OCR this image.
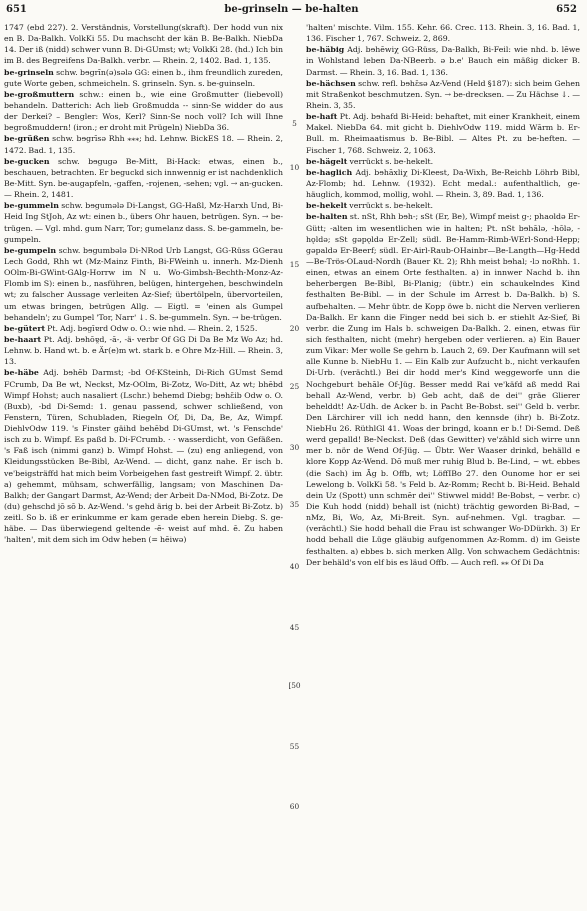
651	be-grinseln — be-halten	652

1747 (ebd 227). 2. Verständnis, Vorstellung(skraft). Der hodd vun nix en B. Da-Balkh. VolkKi 55. Du machscht der kän B. Be-Balkh. NiebDa 14. Der iß (nidd) schwer vunn B. Di-GUmst; wt; VolkKi 28. (hd.) Ich bin im B. des Begreifens Da-Balkh. verbr. — Rhein. 2, 1402. Bad. 1, 135.

be-grinseln schw. bɘgrīn(ǝ)sǝlǝ GG: einen b., ihm freundlich zureden, gute Worte geben, schmeicheln. S. grinseln. Syn. s. be-guinseln.

be-großmuttern schw.: einen b., wie eine Großmutter (liebevoll) behandeln. Datterich: Ach lieb Großmudda -- sinn-Se widder do aus der Derkei? – Bengler: Wos, Kerl? Sinn-Se noch voll? Ich will Ihne begroßmuddern! (iron.; er droht mit Prügeln) NiebDa 36.

be-grüßen schw. bɘgrīsǝ Rhh ⁎⁎⁎; hd. Lehnw. BickES 18. — Rhein. 2, 1472. Bad. 1, 135.

be-gucken schw. bɘgugǝ Be-Mitt, Bi-Hack: etwas, einen b., beschauen, betrachten. Er beguckd sich innwennig er ist nachdenklich Be-Mitt. Syn. be-augapfeln, -gaffen, -rojenen, -sehen; vgl. → an-gucken. — Rhein. 2, 1481.

be-gummeln schw. bɘgumǝlǝ Di-Langst, GG-Haßl, Mz-Harxh Und, Bi-Heid Ing StJoh, Az wt: einen b., übers Ohr hauen, betrügen. Syn. → be-trügen. — Vgl. mhd. gum Narr, Tor; gumelanz dass. S. be-gammeln, be-gumpeln.

be-gumpeln schw. bɘgumbǝlǝ Di-NRod Urb Langst, GG-Rüss GGerau Lech Godd, Rhh wt (Mz-Mainz Finth, Bi-FWeinh u. innerh. Mz-Dienh OOlm-Bi-GWint-GAlg-Horrw im N u. Wo-Gimbsh-Bechth-Monz-Az-Flomb im S): einen b., nasführen, belügen, hintergehen, beschwindeln wt; zu falscher Aussage verleiten Az-Sief; übertölpeln, übervorteilen, um etwas bringen, betrügen Allg. — Eigtl. = 'einen als Gumpel behandeln'; zu Gumpel 'Tor, Narr' ↓. S. be-gummeln. Syn. → be-trügen.

be-gütert Pt. Adj. bɘgīɐrd Odw o. O.: wie nhd. — Rhein. 2, 1525.

be-haart Pt. Adj. bɘhōɐ̯d, -ā-, -ä- verbr Of GG Di Da Be Mz Wo Az; hd. Lehnw. b. Hand wt. b. e Är(e)m wt. stark b. e Ohre Mz-Hill. — Rhein. 3, 13.

be-häbe Adj. bɘhēb Darmst; -bd Of-KSteinh, Di-Rich GUmst Semd FCrumb, Da Be wt, Neckst, Mz-OOlm, Bi-Zotz, Wo-Ditt, Az wt; bhēbd Wimpf Hohst; auch nasaliert (Lschr.) behemd Diebg; bɘhɛ̄ib Odw o. O. (Buxb), -bd Di-Semd: 1. genau passend, schwer schließend, von Fenstern, Türen, Schubladen, Riegeln Of, Di, Da, Be, Az, Wimpf. DiehlvOdw 119. 's Finster gäihd behēbd Di-GUmst, wt. 's Fenschde' isch zu b. Wimpf. Es paßd b. Di-FCrumb. · · wasserdicht, von Gefäßen. 's Faß isch (nimmi ganz) b. Wimpf Hohst. — (zu) eng anliegend, von Kleidungsstücken Be-Bibl, Az-Wend. — dicht, ganz nahe. Er isch b. ve'beigsträffd hat mich beim Vorbeigehen fast gestreift Wimpf. 2. übtr. a) gehemmt, mühsam, schwerfällig, langsam; von Maschinen Da-Balkh; der Gangart Darmst, Az-Wend; der Arbeit Da-NMod, Bi-Zotz. De (du) gehschd jō sō b. Az-Wend. 's gehd ärig b. bei der Arbeit Bi-Zotz. b) zeitl. So b. iß er erinkumme er kam gerade eben herein Diebg. S. ge-häbe. — Das überwiegend geltende -ē- weist auf mhd. ē. Zu haben 'halten', mit dem sich im Odw heben (= hēiwǝ)

5
10
15
20
25
30
35
40
45
[50
55
60

'halten' mischte. Vilm. 155. Kehr. 66. Crec. 113. Rhein. 3, 16. Bad. 1, 136. Fischer 1, 767. Schweiz. 2, 869.

be-häbig Adj. bɘhēwiχ GG-Rüss, Da-Balkh, Bi-Feil: wie nhd. b. lēwe in Wohlstand leben Da-NBeerb. ə b.e' Bauch ein mäßig dicker B. Darmst. — Rhein. 3, 16. Bad. 1, 136.

be-hächsen schw. refl. bɘhɛ̄sǝ Az-Vend (Held §187): sich beim Gehen mit Straßenkot beschmutzen. Syn. → be-drecksen. — Zu Hächse ↓. — Rhein. 3, 35.

be-haft Pt. Adj. bɘhafd Bi-Heid: behaftet, mit einer Krankheit, einem Makel. NiebDa 64. mit gicht b. DiehlvOdw 119. midd Wārm b. Er-Bull. m. Rheimaatismus b. Be-Bibl. — Altes Pt. zu be-heften. — Fischer 1, 768. Schweiz. 2, 1063.

be-hägelt verrückt s. be-hekelt.

be-haglich Adj. bɘhāxliχ Di-Kleest, Da-Wixh, Be-Reichb Löhrb Bibl, Az-Flomb; hd. Lehnw. (1932). Echt medal.: aufenthaltlich, ge-häuglich, kommod, mollig, wohl. — Rhein. 3, 89. Bad. 1, 136.

be-hekelt verrückt s. be-hekelt.

be-halten st. nSt, Rhh bɘh-; sSt (Er, Be), Wimpf meist ɡ-; phaoldǝ Er-Gütt; -alten im wesentlichen wie in halten; Pt. nSt bɘhālǝ, -hōlǝ, -hǫldǝ; sSt ɡǝpǫldǝ Er-Zell; südl. Be-Hamm-Rimb-WErl-Sond-Hepp; ɡǝpaldǝ Er-Beerf; südl. Er-Airl-Raub-OHainbr—Be-Langth—Hg-Hedd—Be-Trös-OLaud-Nordh (Bauer Kt. 2); Rhh meist bɘhal; -lɔ noRhh. 1. einen, etwas an einem Orte festhalten. a) in innwer Nachd b. ihn beherbergen Be-Bibl, Bi-Planig; (übtr.) ein schaukelndes Kind festhalten Be-Bibl. — in der Schule im Arrest b. Da-Balkh. b) S. aufbehalten. — Mehr übtr. de Kopp öwe b. nicht die Nerven verlieren Da-Balkh. Er kann die Finger nedd bei sich b. er stiehlt Az-Sief, Bi verbr. die Zung im Hals b. schweigen Da-Balkh. 2. einen, etwas für sich festhalten, nicht (mehr) hergeben oder verlieren. a) Ein Bauer zum Vikar: Mer wolle Se gehrn b. Lauch 2, 69. Der Kaufmann will set alle Kunne b. NiebHu 1. — Ein Kalb zur Aufzucht b., nicht verkaufen Di-Urb. (verächtl.) Bei dir hodd mer's Kind weggeworfe unn die Nochgeburt behāle Of-Jüg. Besser medd Rai ve'käfd aß medd Rai behall Az-Wend, verbr. b) Geb acht, daß de dei'' gräe Glierer behelddt! Az-Udh. de Acker b. in Pacht Be-Bobst. sei'' Geld b. verbr. Den Lärchirer vill ich nedd hann, den kennsde (ihr) b. Bi-Zotz. NiebHu 26. RüthlGl 41. Woas der bringd, koann er b.! Di-Semd. Deß werd gepalld! Be-Neckst. Deß (das Gewitter) ve'zähld sich wirre unn mer b. nör de Wend Of-Jüg. — Übtr. Wer Waaser drinkd, behälld e klore Kopp Az-Wend. Dō muß mer ruhig Blud b. Be-Lind, ~ wt. ebbes (die Sach) im Āg b. Offb, wt; LöffIBo 27. den Ounome hor er sei Lewelong b. VolkKi 58. 's Feld b. Az-Romm; Recht b. Bi-Heid. Behald dein Uz (Spott) unn schmēr dei'' Stiwwel midd! Be-Bobst, ~ verbr. c) Die Kuh hodd (nidd) behall ist (nicht) trächtig geworden Bi-Bad, ~ nMz, Bi, Wo, Az, Mi-Breit. Syn. auf-nehmen. Vgl. tragbar. — (verächtl.) Sie hodd behall die Frau ist schwanger Wo-DDürkh. 3) Er hodd behall die Lüge gläubig aufgenommen Az-Romm. d) im Geiste festhalten. a) ebbes b. sich merken Allg. Von schwachem Gedächtnis: Der behäld's von elf bis es läud Offb. — Auch refl. ⁎⁎ Of Di Da
